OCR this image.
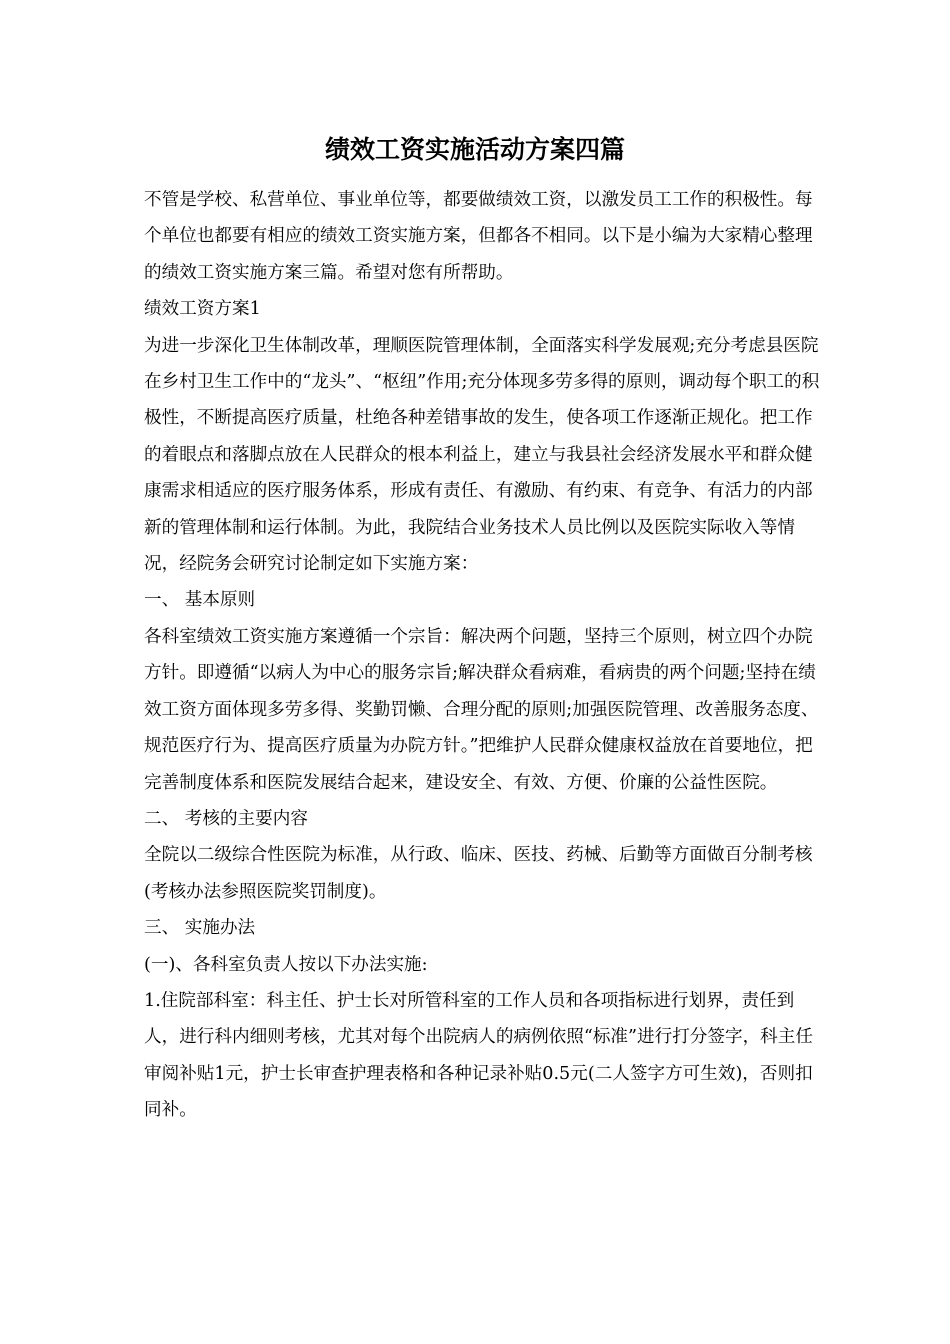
绩效工资实施活动方案四篇

不管是学校、私营单位、事业单位等，都要做绩效工资，以激发员工工作的积极性。每个单位也都要有相应的绩效工资实施方案，但都各不相同。以下是小编为大家精心整理的绩效工资实施方案三篇。希望对您有所帮助。

绩效工资方案1

为进一步深化卫生体制改革，理顺医院管理体制，全面落实科学发展观;充分考虑县医院在乡村卫生工作中的“龙头”、“枢纽”作用;充分体现多劳多得的原则，调动每个职工的积极性，不断提高医疗质量，杜绝各种差错事故的发生，使各项工作逐渐正规化。把工作的着眼点和落脚点放在人民群众的根本利益上，建立与我县社会经济发展水平和群众健康需求相适应的医疗服务体系，形成有责任、有激励、有约束、有竞争、有活力的内部新的管理体制和运行体制。为此，我院结合业务技术人员比例以及医院实际收入等情况，经院务会研究讨论制定如下实施方案：

一、 基本原则

各科室绩效工资实施方案遵循一个宗旨：解决两个问题，坚持三个原则，树立四个办院方针。即遵循“以病人为中心的服务宗旨;解决群众看病难，看病贵的两个问题;坚持在绩效工资方面体现多劳多得、奖勤罚懒、合理分配的原则;加强医院管理、改善服务态度、规范医疗行为、提高医疗质量为办院方针。”把维护人民群众健康权益放在首要地位，把完善制度体系和医院发展结合起来，建设安全、有效、方便、价廉的公益性医院。

二、 考核的主要内容

全院以二级综合性医院为标准，从行政、临床、医技、药械、后勤等方面做百分制考核(考核办法参照医院奖罚制度)。

三、 实施办法

(一)、各科室负责人按以下办法实施:

1.住院部科室：科主任、护士长对所管科室的工作人员和各项指标进行划界，责任到人，进行科内细则考核，尤其对每个出院病人的病例依照“标准”进行打分签字，科主任审阅补贴1元，护士长审查护理表格和各种记录补贴0.5元(二人签字方可生效)，否则扣同补。
